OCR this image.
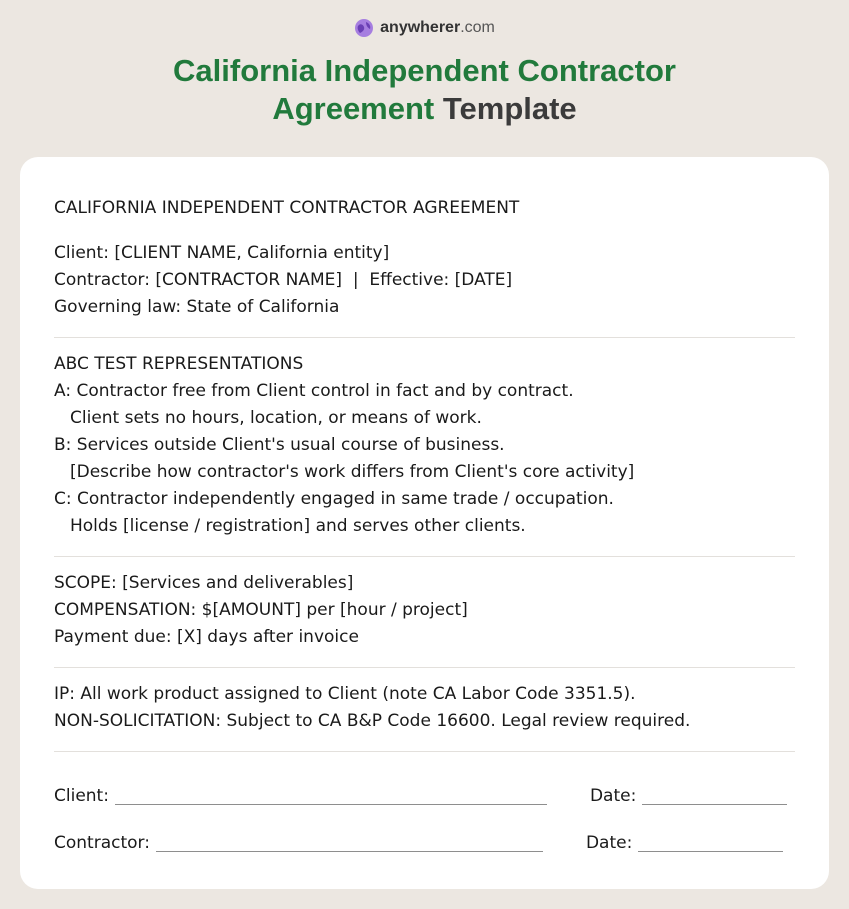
anywherer.com
California Independent Contractor
Agreement Template
CALIFORNIA INDEPENDENT CONTRACTOR AGREEMENT
Client: [CLIENT NAME, California entity]
Contractor: [CONTRACTOR NAME]  |  Effective: [DATE]
Governing law: State of California
ABC TEST REPRESENTATIONS
A: Contractor free from Client control in fact and by contract.
Client sets no hours, location, or means of work.
B: Services outside Client's usual course of business.
[Describe how contractor's work differs from Client's core activity]
C: Contractor independently engaged in same trade / occupation.
Holds [license / registration] and serves other clients.
SCOPE: [Services and deliverables]
COMPENSATION: $[AMOUNT] per [hour / project]
Payment due: [X] days after invoice
IP: All work product assigned to Client (note CA Labor Code 3351.5).
NON-SOLICITATION: Subject to CA B&P Code 16600. Legal review required.
Client:	Date:
Contractor:	Date:
